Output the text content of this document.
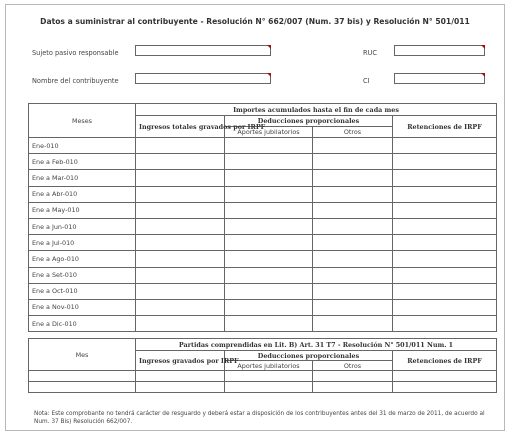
Datos a suministrar al contribuyente - Resolución N° 662/007 (Num. 37 bis) y Resolución N° 501/011
Sujeto pasivo responsable	RUC
Nombre del contribuyente	CI
Meses	Importes acumulados hasta el fin de cada mes			
	Ingresos totales gravados por IRPF	Deducciones proporcionales		Retenciones de IRPF
		Aportes jubilatorios	Otros	
Ene-010				
Ene a Feb-010				
Ene a Mar-010				
Ene a Abr-010				
Ene a May-010				
Ene a Jun-010				
Ene a Jul-010				
Ene a Ago-010				
Ene a Set-010				
Ene a Oct-010				
Ene a Nov-010				
Ene a Dic-010				
Mes	Partidas comprendidas en Lit. B) Art. 31 T7 - Resolución N° 501/011 Num. 1			
	Ingresos gravados por IRPF	Deducciones proporcionales		Retenciones de IRPF
		Aportes jubilatorios	Otros	

Nota: Este comprobante no tendrá carácter de resguardo y deberá estar a disposición de los contribuyentes antes del 31 de marzo de 2011, de acuerdo al Num. 37 Bis) Resolución 662/007.
